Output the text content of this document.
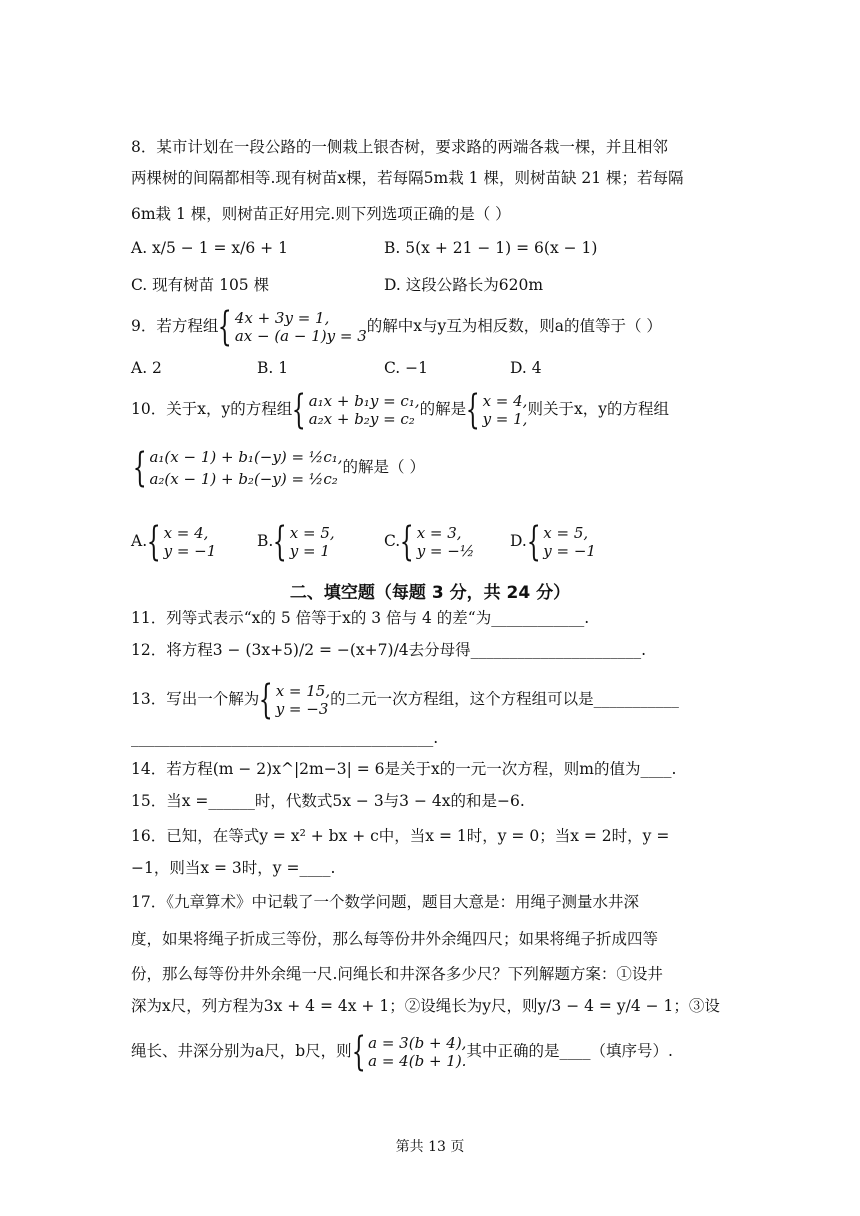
8．某市计划在一段公路的一侧栽上银杏树，要求路的两端各栽一棵，并且相邻
两棵树的间隔都相等.现有树苗x棵，若每隔5m栽 1 棵，则树苗缺 21 棵；若每隔
6m栽 1 棵，则树苗正好用完.则下列选项正确的是（ ）
A. x/5 − 1 = x/6 + 1	B. 5(x + 21 − 1) = 6(x − 1)
C. 现有树苗 105 棵	D. 这段公路长为620m
9．若方程组{ 4x + 3y = 1,
ax − (a − 1)y = 3的解中x与y互为相反数，则a的值等于（ ）
A. 2	B. 1	C. −1	D. 4
10．关于x，y的方程组{ a₁x + b₁y = c₁,
a₂x + b₂y = c₂的解是{ x = 4,
y = 1,则关于x，y的方程组
{ a₁(x − 1) + b₁(−y) = ½c₁,
a₂(x − 1) + b₂(−y) = ½c₂的解是（ ）
A.{ x = 4,
y = −1
B.{ x = 5,
y = 1
C.{ x = 3,
y = −½
D.{ x = 5,
y = −1
二、填空题（每题 3 分，共 24 分）
11．列等式表示“x的 5 倍等于x的 3 倍与 4 的差“为____________.
12．将方程3 − (3x+5)/2 = −(x+7)/4去分母得______________________.
13．写出一个解为{ x = 15,
y = −3的二元一次方程组，这个方程组可以是___________
_______________________________________.
14．若方程(m − 2)x^|2m−3| = 6是关于x的一元一次方程，则m的值为____.
15．当x =______时，代数式5x − 3与3 − 4x的和是−6.
16．已知，在等式y = x² + bx + c中，当x = 1时，y = 0；当x = 2时，y =
−1，则当x = 3时，y =____.
17．《九章算术》中记载了一个数学问题，题目大意是：用绳子测量水井深
度，如果将绳子折成三等份，那么每等份井外余绳四尺；如果将绳子折成四等
份，那么每等份井外余绳一尺.问绳长和井深各多少尺？下列解题方案：①设井
深为x尺，列方程为3x + 4 = 4x + 1；②设绳长为y尺，则y/3 − 4 = y/4 − 1；③设
绳长、井深分别为a尺，b尺，则{ a = 3(b + 4),
a = 4(b + 1).其中正确的是____（填序号）.
第共 13 页
